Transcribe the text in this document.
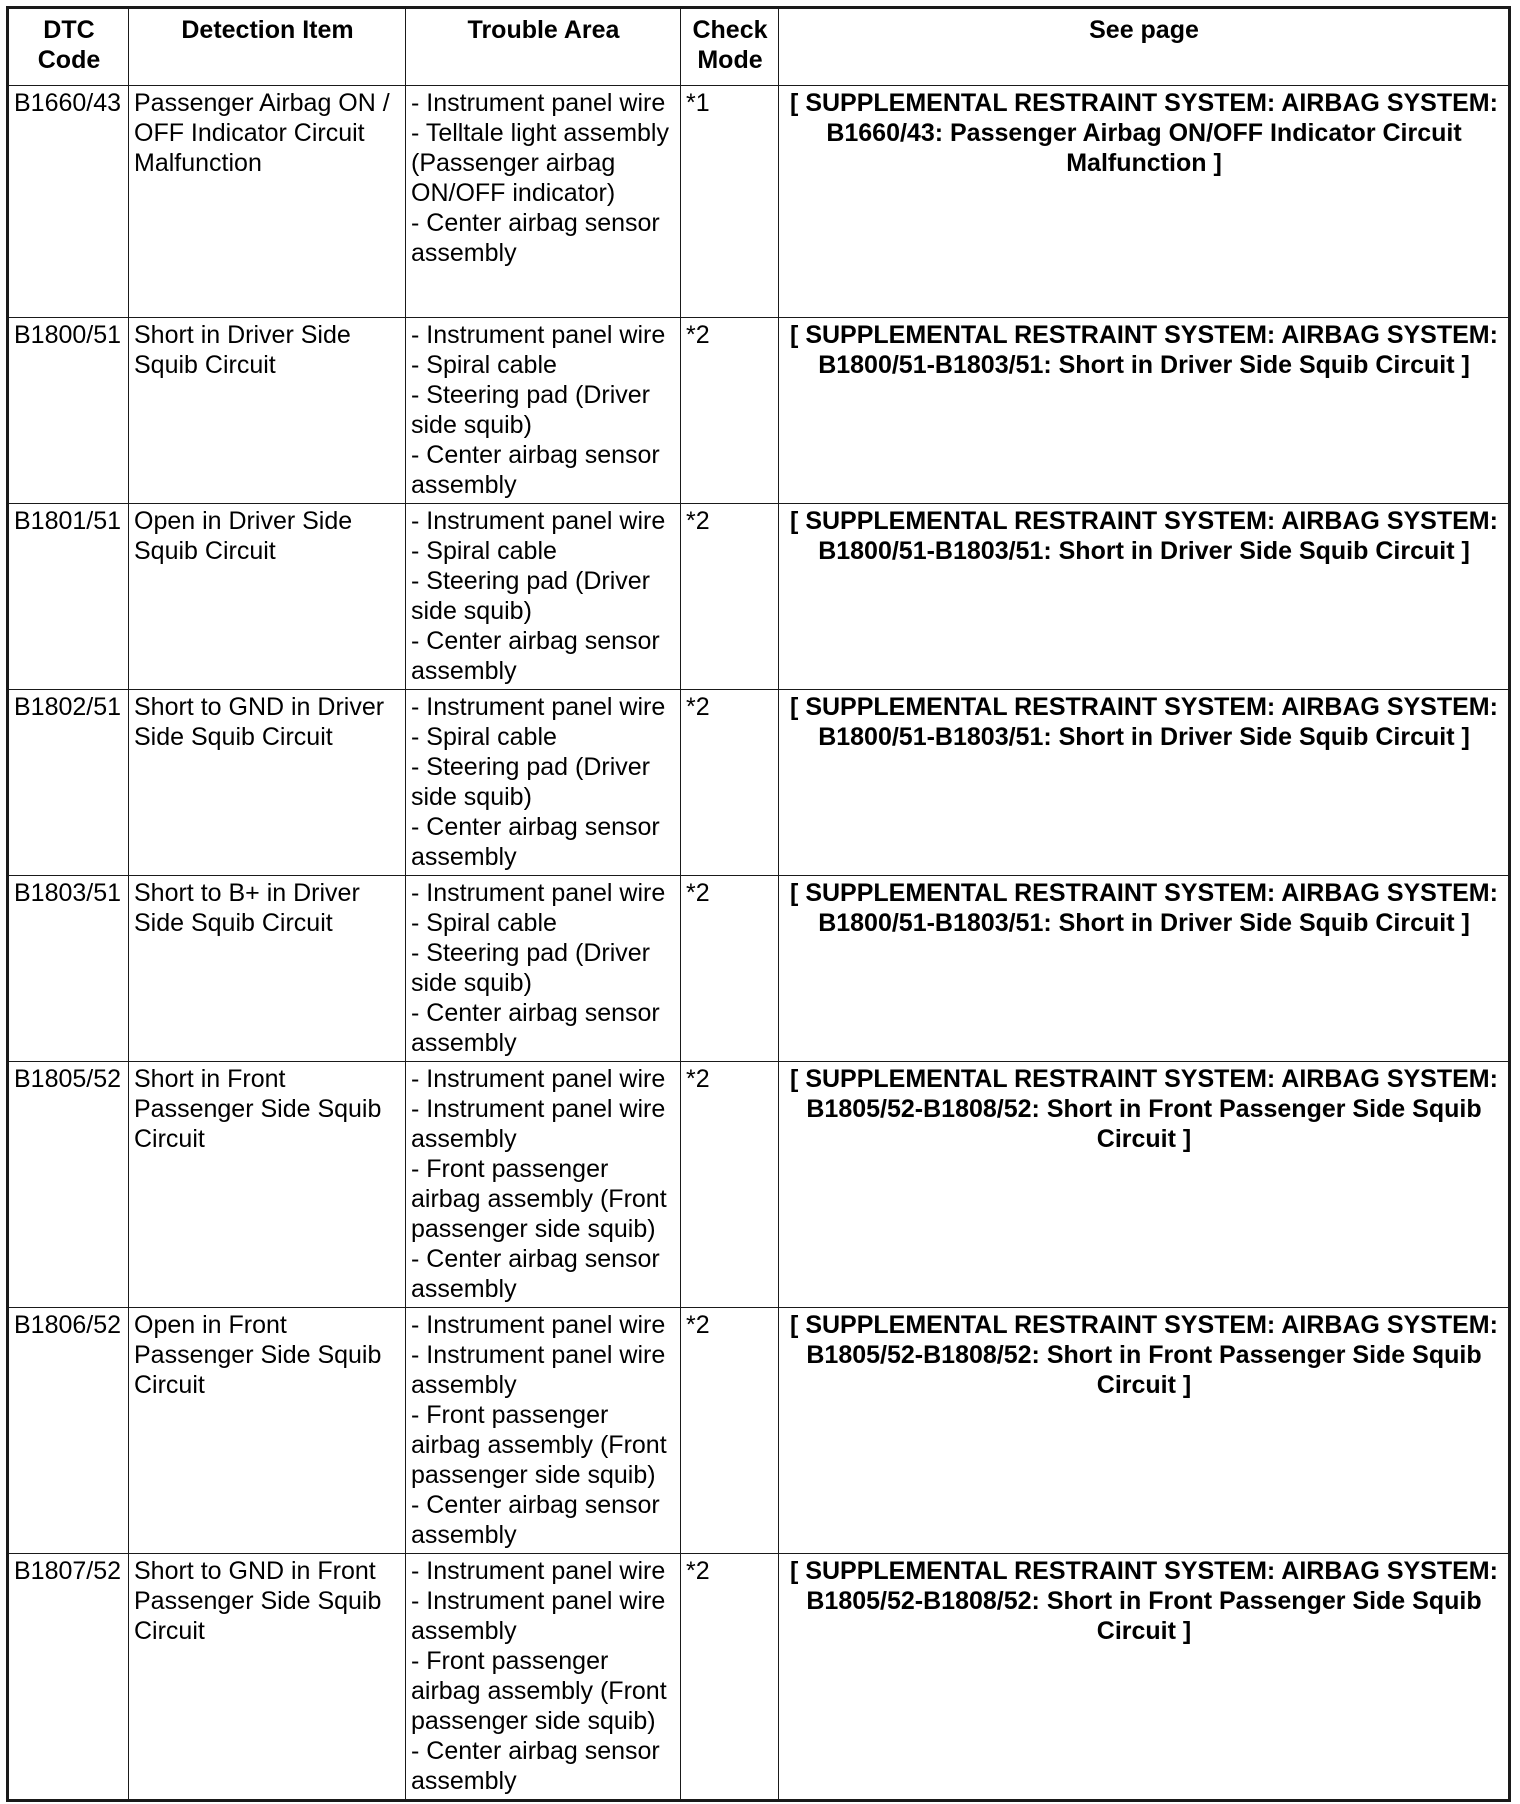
DTC Code	Detection Item	Trouble Area	Check Mode	See page
B1660/43	Passenger Airbag ON / OFF Indicator Circuit Malfunction	- Instrument panel wire
- Telltale light assembly (Passenger airbag ON/OFF indicator)
- Center airbag sensor assembly	*1	[ SUPPLEMENTAL RESTRAINT SYSTEM: AIRBAG SYSTEM: B1660/43: Passenger Airbag ON/OFF Indicator Circuit Malfunction ]
B1800/51	Short in Driver Side Squib Circuit	- Instrument panel wire
- Spiral cable
- Steering pad (Driver side squib)
- Center airbag sensor assembly	*2	[ SUPPLEMENTAL RESTRAINT SYSTEM: AIRBAG SYSTEM: B1800/51-B1803/51: Short in Driver Side Squib Circuit ]
B1801/51	Open in Driver Side Squib Circuit	- Instrument panel wire
- Spiral cable
- Steering pad (Driver side squib)
- Center airbag sensor assembly	*2	[ SUPPLEMENTAL RESTRAINT SYSTEM: AIRBAG SYSTEM: B1800/51-B1803/51: Short in Driver Side Squib Circuit ]
B1802/51	Short to GND in Driver Side Squib Circuit	- Instrument panel wire
- Spiral cable
- Steering pad (Driver side squib)
- Center airbag sensor assembly	*2	[ SUPPLEMENTAL RESTRAINT SYSTEM: AIRBAG SYSTEM: B1800/51-B1803/51: Short in Driver Side Squib Circuit ]
B1803/51	Short to B+ in Driver Side Squib Circuit	- Instrument panel wire
- Spiral cable
- Steering pad (Driver side squib)
- Center airbag sensor assembly	*2	[ SUPPLEMENTAL RESTRAINT SYSTEM: AIRBAG SYSTEM: B1800/51-B1803/51: Short in Driver Side Squib Circuit ]
B1805/52	Short in Front Passenger Side Squib Circuit	- Instrument panel wire
- Instrument panel wire assembly
- Front passenger airbag assembly (Front passenger side squib)
- Center airbag sensor assembly	*2	[ SUPPLEMENTAL RESTRAINT SYSTEM: AIRBAG SYSTEM: B1805/52-B1808/52: Short in Front Passenger Side Squib Circuit ]
B1806/52	Open in Front Passenger Side Squib Circuit	- Instrument panel wire
- Instrument panel wire assembly
- Front passenger airbag assembly (Front passenger side squib)
- Center airbag sensor assembly	*2	[ SUPPLEMENTAL RESTRAINT SYSTEM: AIRBAG SYSTEM: B1805/52-B1808/52: Short in Front Passenger Side Squib Circuit ]
B1807/52	Short to GND in Front Passenger Side Squib Circuit	- Instrument panel wire
- Instrument panel wire assembly
- Front passenger airbag assembly (Front passenger side squib)
- Center airbag sensor assembly	*2	[ SUPPLEMENTAL RESTRAINT SYSTEM: AIRBAG SYSTEM: B1805/52-B1808/52: Short in Front Passenger Side Squib Circuit ]
